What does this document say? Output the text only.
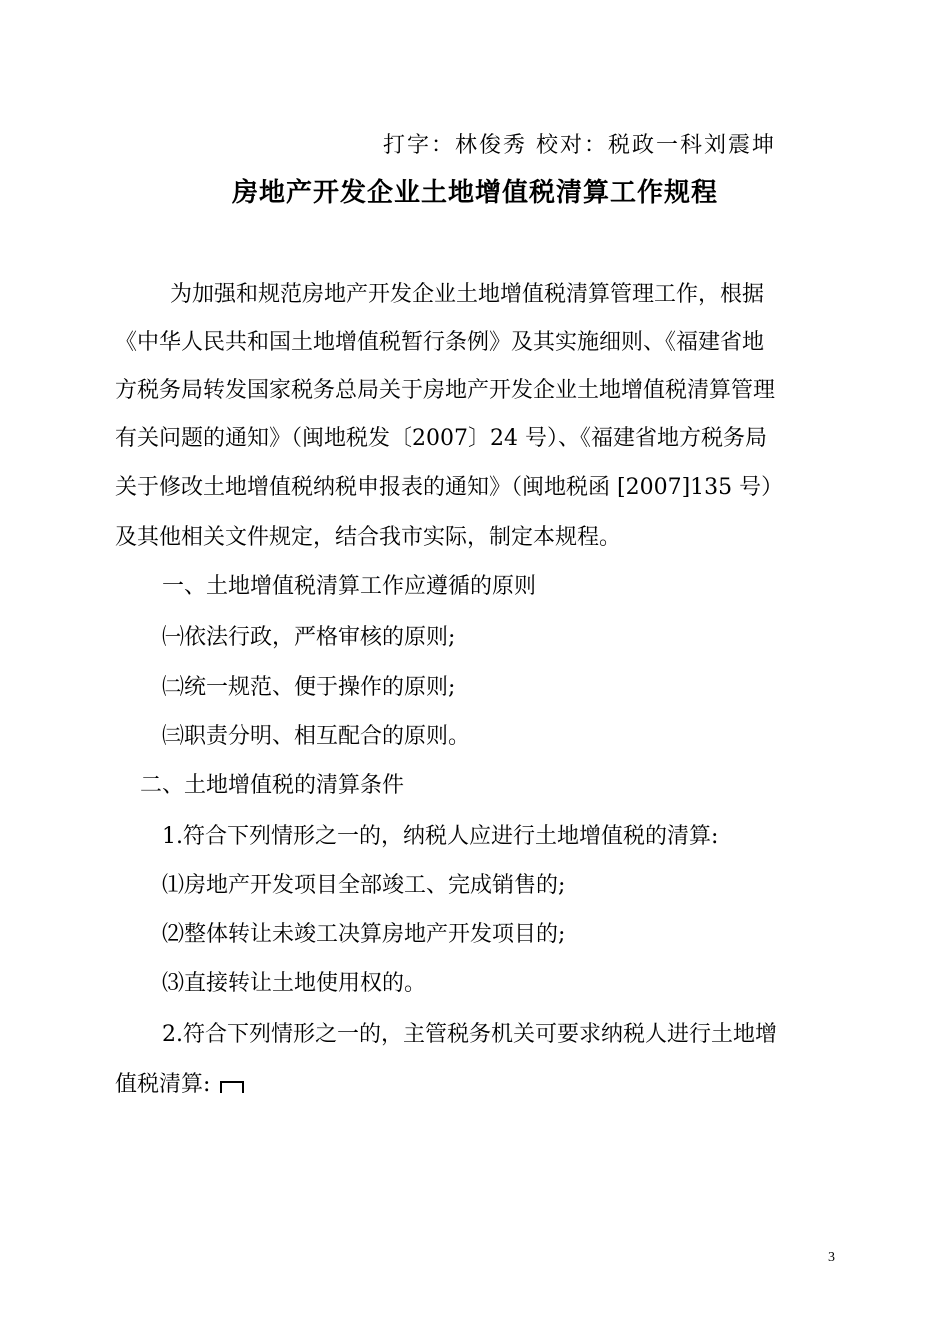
打字：林俊秀 校对：税政一科刘震坤
房地产开发企业土地增值税清算工作规程
为加强和规范房地产开发企业土地增值税清算管理工作，根据
《中华人民共和国土地增值税暂行条例》及其实施细则、《福建省地
方税务局转发国家税务总局关于房地产开发企业土地增值税清算管理
有关问题的通知》（闽地税发〔2007〕24 号）、《福建省地方税务局
关于修改土地增值税纳税申报表的通知》（闽地税函 [2007]135 号）
及其他相关文件规定，结合我市实际，制定本规程。
一、土地增值税清算工作应遵循的原则
㈠依法行政，严格审核的原则;
㈡统一规范、便于操作的原则;
㈢职责分明、相互配合的原则。
二、土地增值税的清算条件
1.符合下列情形之一的，纳税人应进行土地增值税的清算:
⑴房地产开发项目全部竣工、完成销售的;
⑵整体转让未竣工决算房地产开发项目的;
⑶直接转让土地使用权的。
2.符合下列情形之一的，主管税务机关可要求纳税人进行土地增
值税清算:
3
